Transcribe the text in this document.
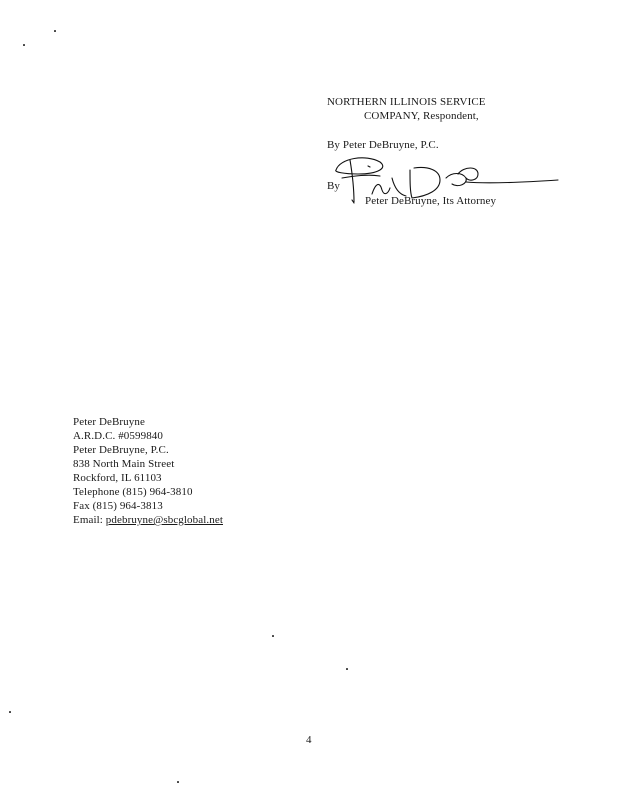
NORTHERN ILLINOIS SERVICE
COMPANY, Respondent,
By Peter DeBruyne, P.C.
By
Peter DeBruyne, Its Attorney
Peter DeBruyne
A.R.D.C. #0599840
Peter DeBruyne, P.C.
838 North Main Street
Rockford, IL 61103
Telephone (815) 964-3810
Fax (815) 964-3813
Email: pdebruyne@sbcglobal.net
4
